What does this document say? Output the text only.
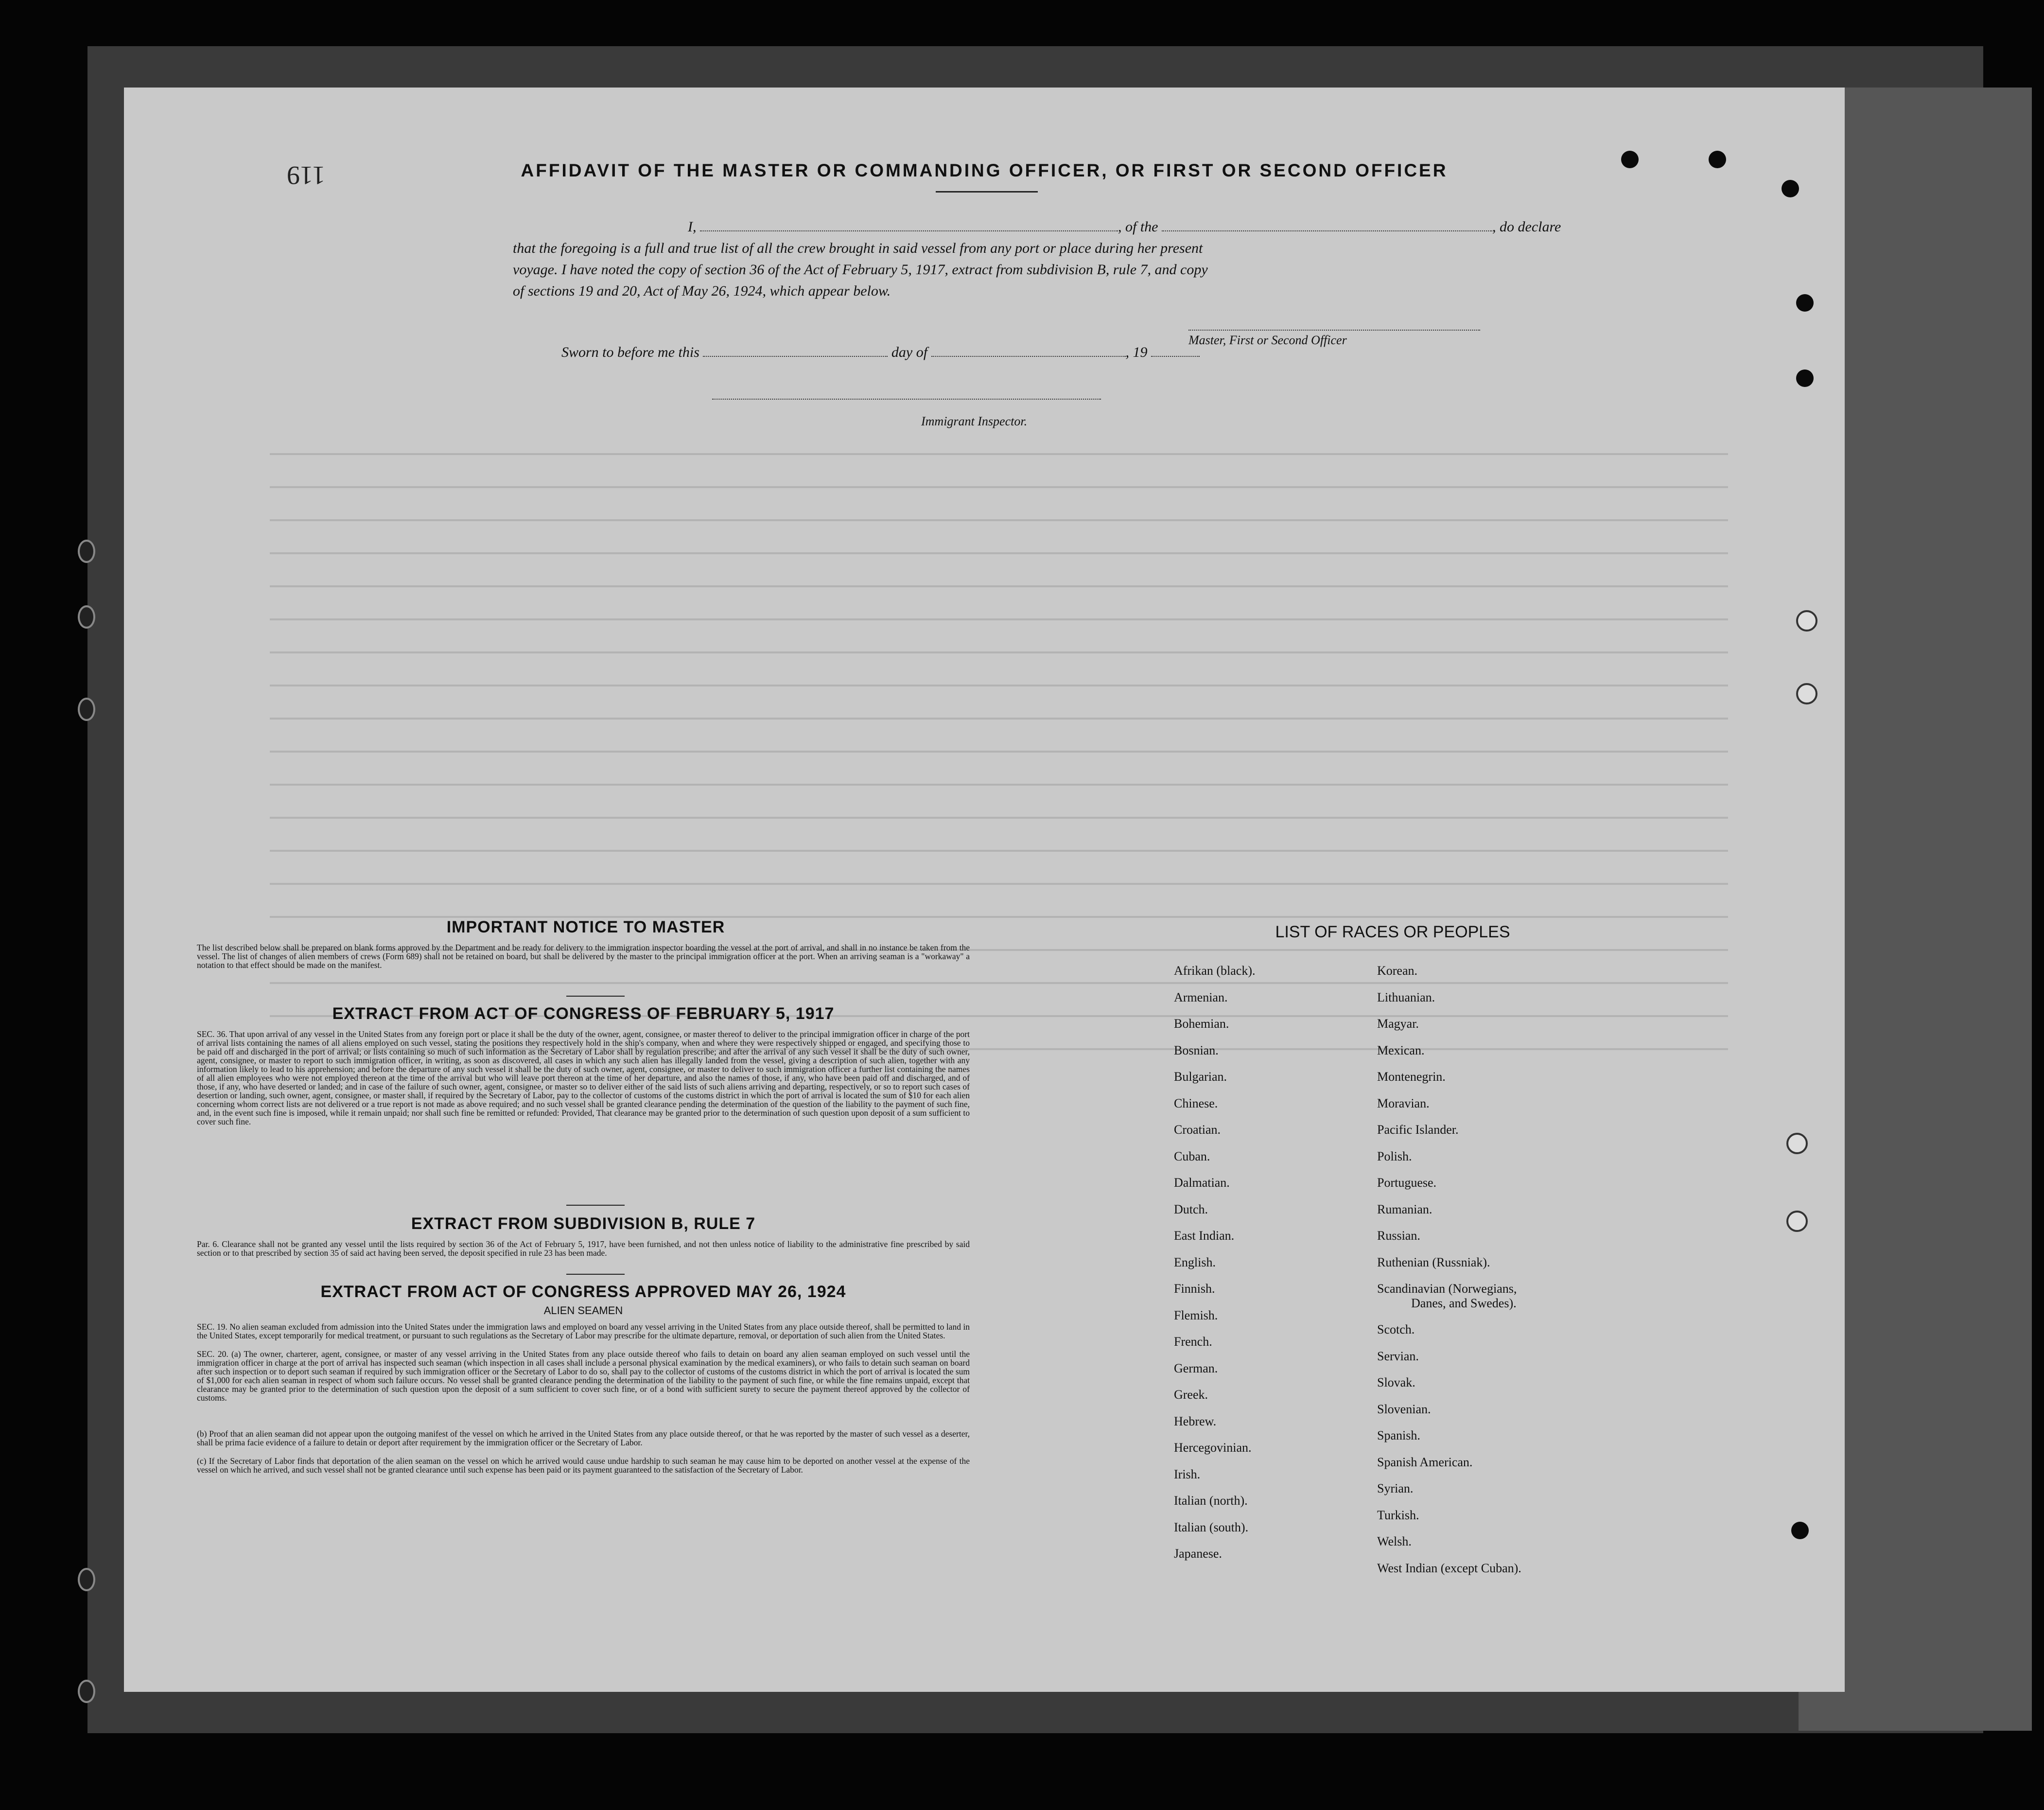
119	AFFIDAVIT OF THE MASTER OR COMMANDING OFFICER, OR FIRST OR SECOND OFFICER
I,	, of the	, do declare
that the foregoing is a full and true list of all the crew brought in said vessel from any port or place during her present
voyage. I have noted the copy of section 36 of the Act of February 5, 1917, extract from subdivision B, rule 7, and copy
of sections 19 and 20, Act of May 26, 1924, which appear below.
Master, First or Second Officer
Sworn to before me this	day of	, 19
Immigrant Inspector.
IMPORTANT NOTICE TO MASTER
The list described below shall be prepared on blank forms approved by the Department and be ready for delivery to the immigration inspector boarding the vessel at the port of arrival, and shall in no instance be taken from the vessel. The list of changes of alien members of crews (Form 689) shall not be retained on board, but shall be delivered by the master to the principal immigration officer at the port. When an arriving seaman is a "workaway" a notation to that effect should be made on the manifest.
EXTRACT FROM ACT OF CONGRESS OF FEBRUARY 5, 1917
SEC. 36. That upon arrival of any vessel in the United States from any foreign port or place it shall be the duty of the owner, agent, consignee, or master thereof to deliver to the principal immigration officer in charge of the port of arrival lists containing the names of all aliens employed on such vessel, stating the positions they respectively hold in the ship's company, when and where they were respectively shipped or engaged, and specifying those to be paid off and discharged in the port of arrival; or lists containing so much of such information as the Secretary of Labor shall by regulation prescribe; and after the arrival of any such vessel it shall be the duty of such owner, agent, consignee, or master to report to such immigration officer, in writing, as soon as discovered, all cases in which any such alien has illegally landed from the vessel, giving a description of such alien, together with any information likely to lead to his apprehension; and before the departure of any such vessel it shall be the duty of such owner, agent, consignee, or master to deliver to such immigration officer a further list containing the names of all alien employees who were not employed thereon at the time of the arrival but who will leave port thereon at the time of her departure, and also the names of those, if any, who have been paid off and discharged, and of those, if any, who have deserted or landed; and in case of the failure of such owner, agent, consignee, or master so to deliver either of the said lists of such aliens arriving and departing, respectively, or so to report such cases of desertion or landing, such owner, agent, consignee, or master shall, if required by the Secretary of Labor, pay to the collector of customs of the customs district in which the port of arrival is located the sum of $10 for each alien concerning whom correct lists are not delivered or a true report is not made as above required; and no such vessel shall be granted clearance pending the determination of the question of the liability to the payment of such fine, and, in the event such fine is imposed, while it remain unpaid; nor shall such fine be remitted or refunded: Provided, That clearance may be granted prior to the determination of such question upon deposit of a sum sufficient to cover such fine.
EXTRACT FROM SUBDIVISION B, RULE 7
Par. 6. Clearance shall not be granted any vessel until the lists required by section 36 of the Act of February 5, 1917, have been furnished, and not then unless notice of liability to the administrative fine prescribed by said section or to that prescribed by section 35 of said act having been served, the deposit specified in rule 23 has been made.
EXTRACT FROM ACT OF CONGRESS APPROVED MAY 26, 1924
ALIEN SEAMEN
SEC. 19. No alien seaman excluded from admission into the United States under the immigration laws and employed on board any vessel arriving in the United States from any place outside thereof, shall be permitted to land in the United States, except temporarily for medical treatment, or pursuant to such regulations as the Secretary of Labor may prescribe for the ultimate departure, removal, or deportation of such alien from the United States.
SEC. 20. (a) The owner, charterer, agent, consignee, or master of any vessel arriving in the United States from any place outside thereof who fails to detain on board any alien seaman employed on such vessel until the immigration officer in charge at the port of arrival has inspected such seaman (which inspection in all cases shall include a personal physical examination by the medical examiners), or who fails to detain such seaman on board after such inspection or to deport such seaman if required by such immigration officer or the Secretary of Labor to do so, shall pay to the collector of customs of the customs district in which the port of arrival is located the sum of $1,000 for each alien seaman in respect of whom such failure occurs. No vessel shall be granted clearance pending the determination of the liability to the payment of such fine, or while the fine remains unpaid, except that clearance may be granted prior to the determination of such question upon the deposit of a sum sufficient to cover such fine, or of a bond with sufficient surety to secure the payment thereof approved by the collector of customs.
(b) Proof that an alien seaman did not appear upon the outgoing manifest of the vessel on which he arrived in the United States from any place outside thereof, or that he was reported by the master of such vessel as a deserter, shall be prima facie evidence of a failure to detain or deport after requirement by the immigration officer or the Secretary of Labor.
(c) If the Secretary of Labor finds that deportation of the alien seaman on the vessel on which he arrived would cause undue hardship to such seaman he may cause him to be deported on another vessel at the expense of the vessel on which he arrived, and such vessel shall not be granted clearance until such expense has been paid or its payment guaranteed to the satisfaction of the Secretary of Labor.
LIST OF RACES OR PEOPLES
Afrikan (black).
Armenian.
Bohemian.
Bosnian.
Bulgarian.
Chinese.
Croatian.
Cuban.
Dalmatian.
Dutch.
East Indian.
English.
Finnish.
Flemish.
French.
German.
Greek.
Hebrew.
Hercegovinian.
Irish.
Italian (north).
Italian (south).
Japanese.
Korean.
Lithuanian.
Magyar.
Mexican.
Montenegrin.
Moravian.
Pacific Islander.
Polish.
Portuguese.
Rumanian.
Russian.
Ruthenian (Russniak).
Scandinavian (Norwegians,
Danes, and Swedes).
Scotch.
Servian.
Slovak.
Slovenian.
Spanish.
Spanish American.
Syrian.
Turkish.
Welsh.
West Indian (except Cuban).
